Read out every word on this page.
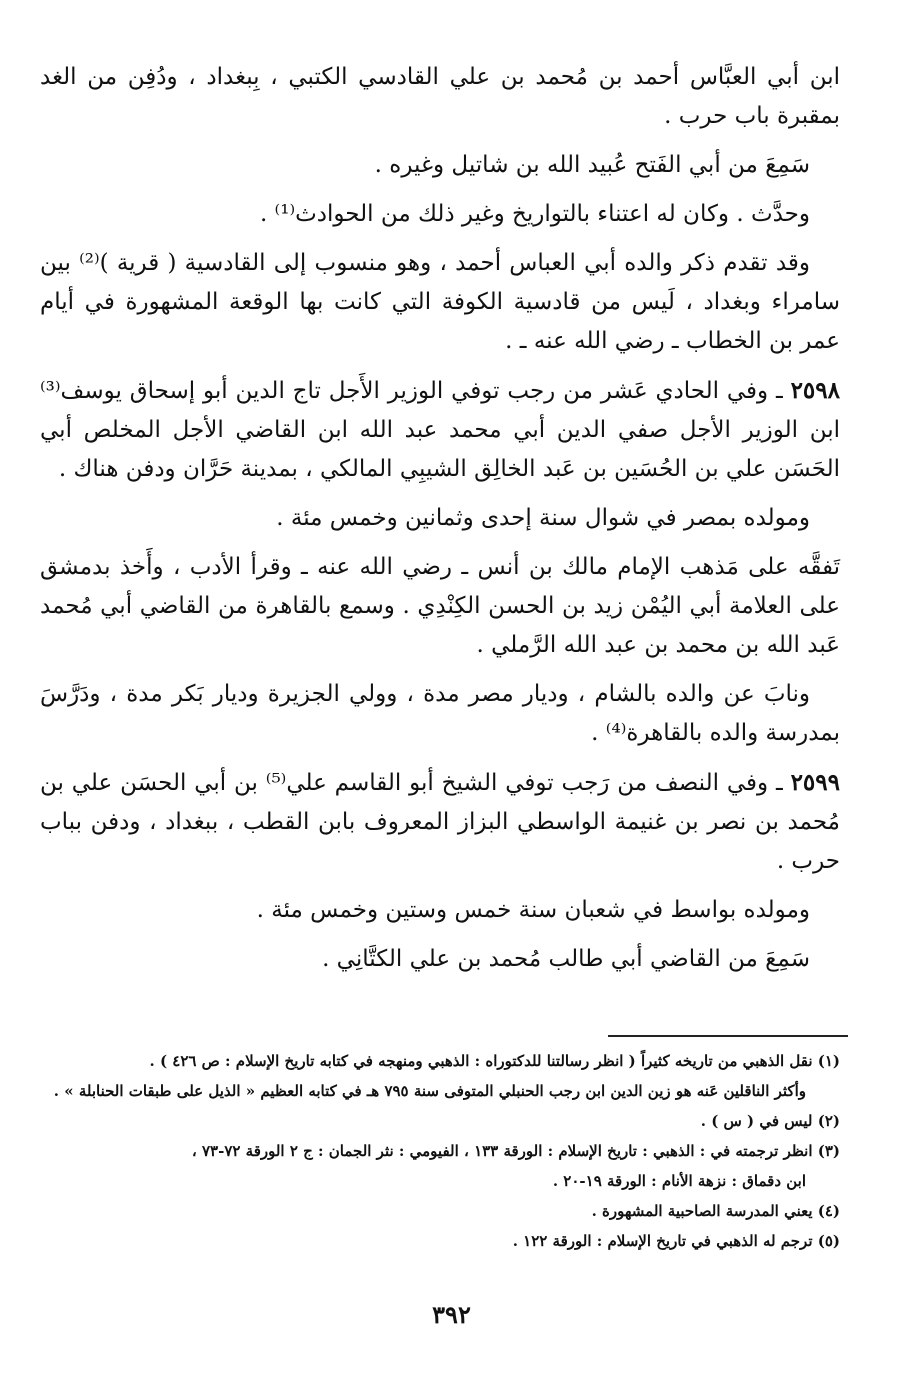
ابن أبي العبَّاس أحمد بن مُحمد بن علي القادسي الكتبي ، بِبغداد ، ودُفِن من الغد بمقبرة باب حرب .

سَمِعَ من أبي الفَتح عُبيد الله بن شاتيل وغيره .

وحدَّث . وكان له اعتناء بالتواريخ وغير ذلك من الحوادث⁽¹⁾ .

وقد تقدم ذكر والده أبي العباس أحمد ، وهو منسوب إلى القادسية ( قرية )⁽²⁾ بين سامراء وبغداد ، لَيس من قادسية الكوفة التي كانت بها الوقعة المشهورة في أيام عمر بن الخطاب ـ رضي الله عنه ـ .

٢٥٩٨ ـ وفي الحادي عَشر من رجب توفي الوزير الأَجل تاج الدين أبو إسحاق يوسف⁽³⁾ ابن الوزير الأجل صفي الدين أبي محمد عبد الله ابن القاضي الأجل المخلص أبي الحَسَن علي بن الحُسَين بن عَبد الخالِق الشيبِي المالكي ، بمدينة حَرَّان ودفن هناك .

ومولده بمصر في شوال سنة إحدى وثمانين وخمس مئة .

تَفقَّه على مَذهب الإمام مالك بن أنس ـ رضي الله عنه ـ وقرأ الأدب ، وأَخذ بدمشق على العلامة أبي اليُمْن زيد بن الحسن الكِنْدِي . وسمع بالقاهرة من القاضي أبي مُحمد عَبد الله بن محمد بن عبد الله الرَّملي .

ونابَ عن والده بالشام ، وديار مصر مدة ، وولي الجزيرة وديار بَكر مدة ، ودَرَّسَ بمدرسة والده بالقاهرة⁽⁴⁾ .

٢٥٩٩ ـ وفي النصف من رَجب توفي الشيخ أبو القاسم علي⁽⁵⁾ بن أبي الحسَن علي بن مُحمد بن نصر بن غنيمة الواسطي البزاز المعروف بابن القطب ، ببغداد ، ودفن بباب حرب .

ومولده بواسط في شعبان سنة خمس وستين وخمس مئة .

سَمِعَ من القاضي أبي طالب مُحمد بن علي الكتَّانِي .

(١) نقل الذهبي من تاريخه كثيراً ( انظر رسالتنا للدكتوراه : الذهبي ومنهجه في كتابه تاريخ الإسلام : ص ٤٢٦ ) .

وأكثر الناقلين عَنه هو زين الدين ابن رجب الحنبلي المتوفى سنة ٧٩٥ هـ في كتابه العظيم « الذيل على طبقات الحنابلة » .

(٢) ليس في ( س ) .

(٣) انظر ترجمته في : الذهبي : تاريخ الإسلام : الورقة ١٣٣ ، الفيومي : نثر الجمان : ج ٢ الورقة ٧٢-٧٣ ،

ابن دقماق : نزهة الأنام : الورقة ١٩-٢٠ .

(٤) يعني المدرسة الصاحبية المشهورة .

(٥) ترجم له الذهبي في تاريخ الإسلام : الورقة ١٢٢ .

٣٩٢
